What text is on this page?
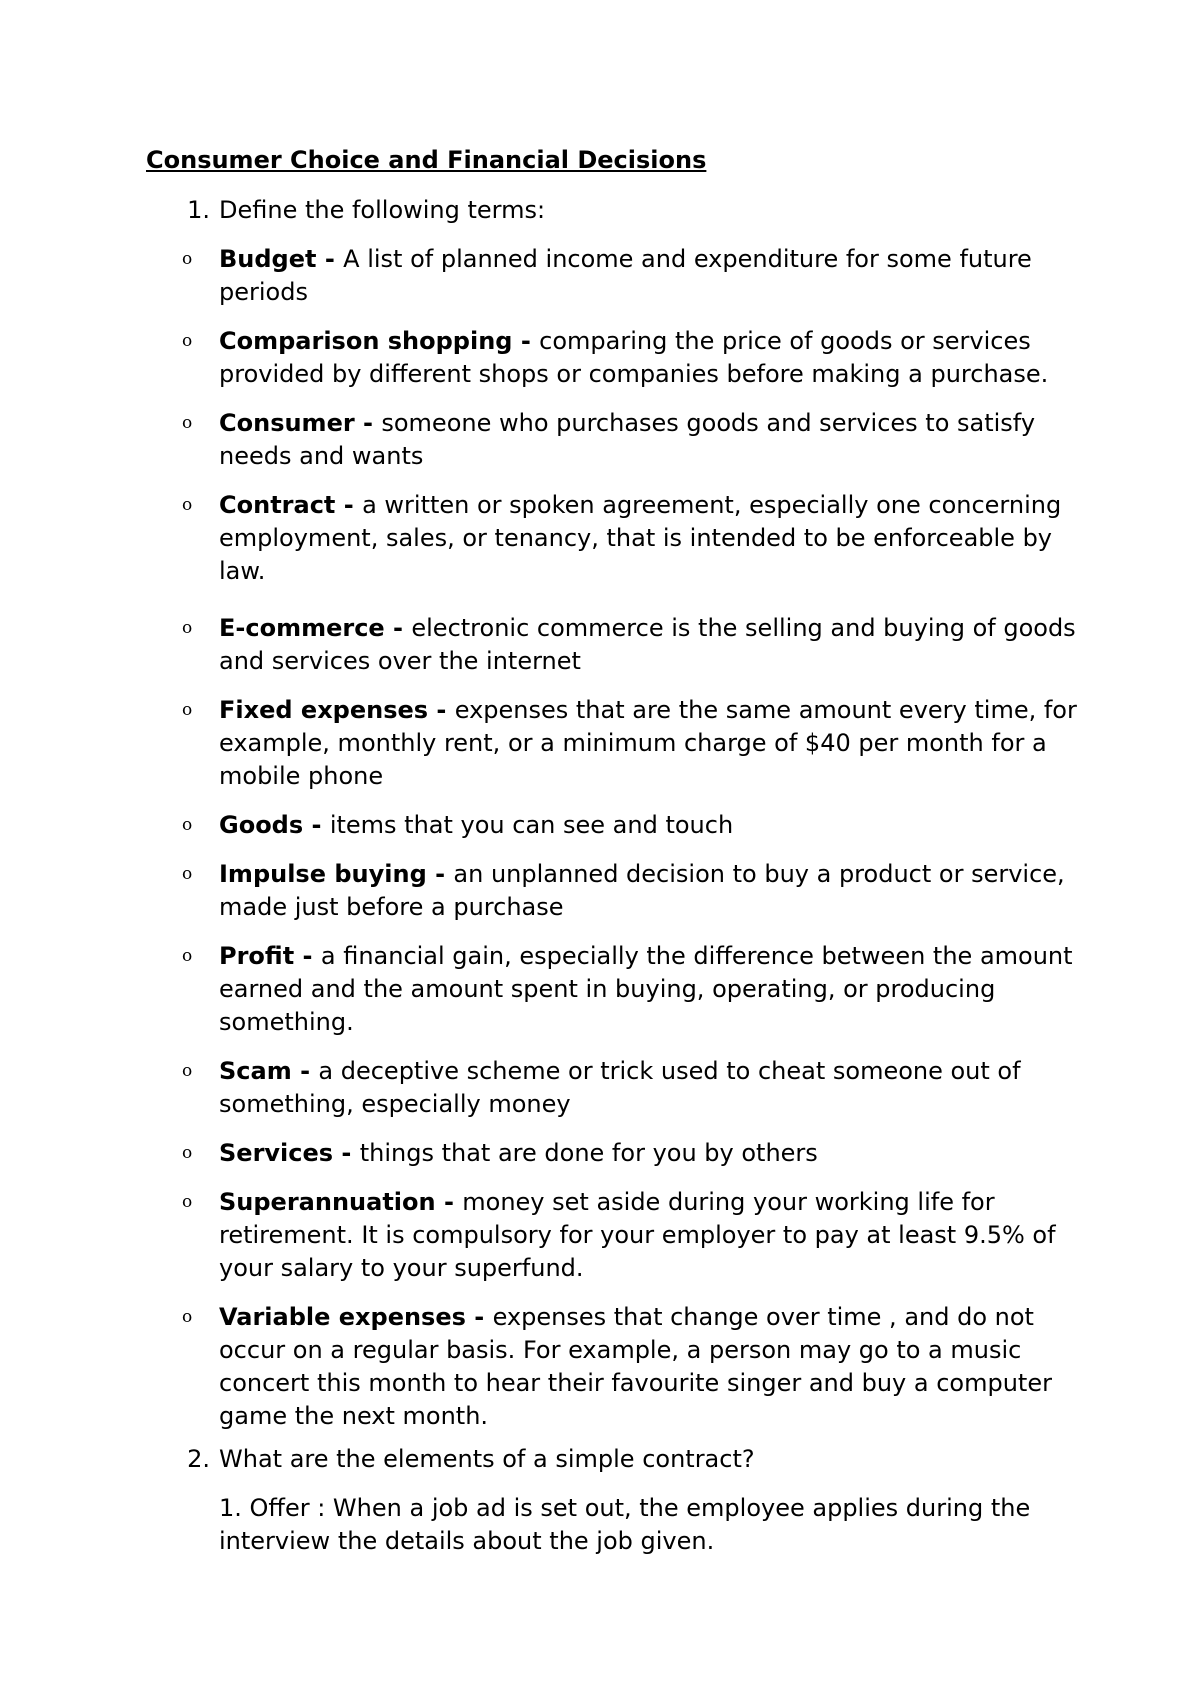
Consumer Choice and Financial Decisions
1. Define the following terms:
o Budget - A list of planned income and expenditure for some future periods
o Comparison shopping - comparing the price of goods or services provided by different shops or companies before making a purchase.
o Consumer - someone who purchases goods and services to satisfy needs and wants
o Contract - a written or spoken agreement, especially one concerning employment, sales, or tenancy, that is intended to be enforceable by law.
o E-commerce - electronic commerce is the selling and buying of goods and services over the internet
o Fixed expenses - expenses that are the same amount every time, for example, monthly rent, or a minimum charge of $40 per month for a mobile phone
o Goods - items that you can see and touch
o Impulse buying - an unplanned decision to buy a product or service, made just before a purchase
o Profit - a financial gain, especially the difference between the amount earned and the amount spent in buying, operating, or producing something.
o Scam - a deceptive scheme or trick used to cheat someone out of something, especially money
o Services - things that are done for you by others
o Superannuation - money set aside during your working life for retirement. It is compulsory for your employer to pay at least 9.5% of your salary to your superfund.
o Variable expenses - expenses that change over time , and do not occur on a regular basis. For example, a person may go to a music concert this month to hear their favourite singer and buy a computer game the next month.
2. What are the elements of a simple contract?
1. Offer : When a job ad is set out, the employee applies during the interview the details about the job given.
